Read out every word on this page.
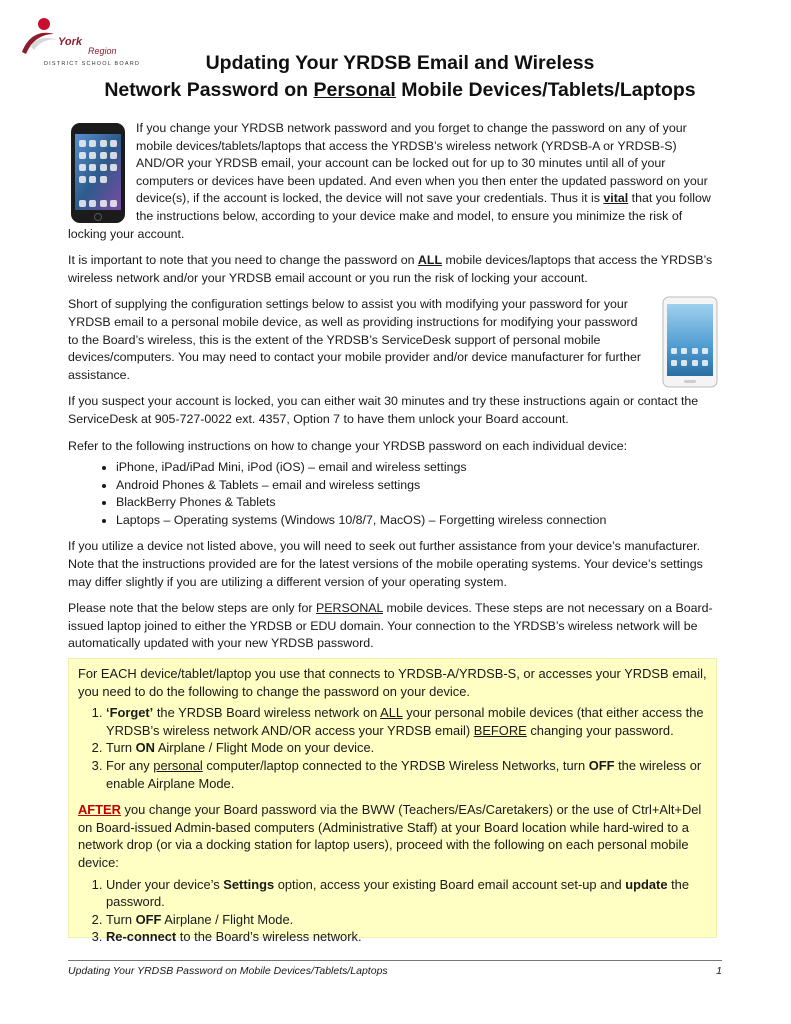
York
Region
DISTRICT SCHOOL BOARD	Updating Your YRDSB Email and Wireless
Network Password on Personal Mobile Devices/Tablets/Laptops

If you change your YRDSB network password and you forget to change the password on any of your mobile devices/tablets/laptops that access the YRDSB’s wireless network (YRDSB-A or YRDSB-S) AND/OR your YRDSB email, your account can be locked out for up to 30 minutes until all of your computers or devices have been updated. And even when you then enter the updated password on your device(s), if the account is locked, the device will not save your credentials. Thus it is vital that you follow the instructions below, according to your device make and model, to ensure you minimize the risk of locking your account.

It is important to note that you need to change the password on ALL mobile devices/laptops that access the YRDSB’s wireless network and/or your YRDSB email account or you run the risk of locking your account.

Short of supplying the configuration settings below to assist you with modifying your password for your YRDSB email to a personal mobile device, as well as providing instructions for modifying your password to the Board’s wireless, this is the extent of the YRDSB’s ServiceDesk support of personal mobile devices/computers. You may need to contact your mobile provider and/or device manufacturer for further assistance.

If you suspect your account is locked, you can either wait 30 minutes and try these instructions again or contact the ServiceDesk at 905-727-0022 ext. 4357, Option 7 to have them unlock your Board account.

Refer to the following instructions on how to change your YRDSB password on each individual device:

• iPhone, iPad/iPad Mini, iPod (iOS) – email and wireless settings
• Android Phones & Tablets – email and wireless settings
• BlackBerry Phones & Tablets
• Laptops – Operating systems (Windows 10/8/7, MacOS) – Forgetting wireless connection

If you utilize a device not listed above, you will need to seek out further assistance from your device’s manufacturer. Note that the instructions provided are for the latest versions of the mobile operating systems. Your device’s settings may differ slightly if you are utilizing a different version of your operating system.

Please note that the below steps are only for PERSONAL mobile devices. These steps are not necessary on a Board-issued laptop joined to either the YRDSB or EDU domain. Your connection to the YRDSB’s wireless network will be automatically updated with your new YRDSB password.

For EACH device/tablet/laptop you use that connects to YRDSB-A/YRDSB-S, or accesses your YRDSB email, you need to do the following to change the password on your device.

1. ‘Forget’ the YRDSB Board wireless network on ALL your personal mobile devices (that either access the YRDSB’s wireless network AND/OR access your YRDSB email) BEFORE changing your password.
2. Turn ON Airplane / Flight Mode on your device.
3. For any personal computer/laptop connected to the YRDSB Wireless Networks, turn OFF the wireless or enable Airplane Mode.

AFTER you change your Board password via the BWW (Teachers/EAs/Caretakers) or the use of Ctrl+Alt+Del on Board-issued Admin-based computers (Administrative Staff) at your Board location while hard-wired to a network drop (or via a docking station for laptop users), proceed with the following on each personal mobile device:

1. Under your device’s Settings option, access your existing Board email account set-up and update the password.
2. Turn OFF Airplane / Flight Mode.
3. Re-connect to the Board’s wireless network.
Updating Your YRDSB Password on Mobile Devices/Tablets/Laptops	1
